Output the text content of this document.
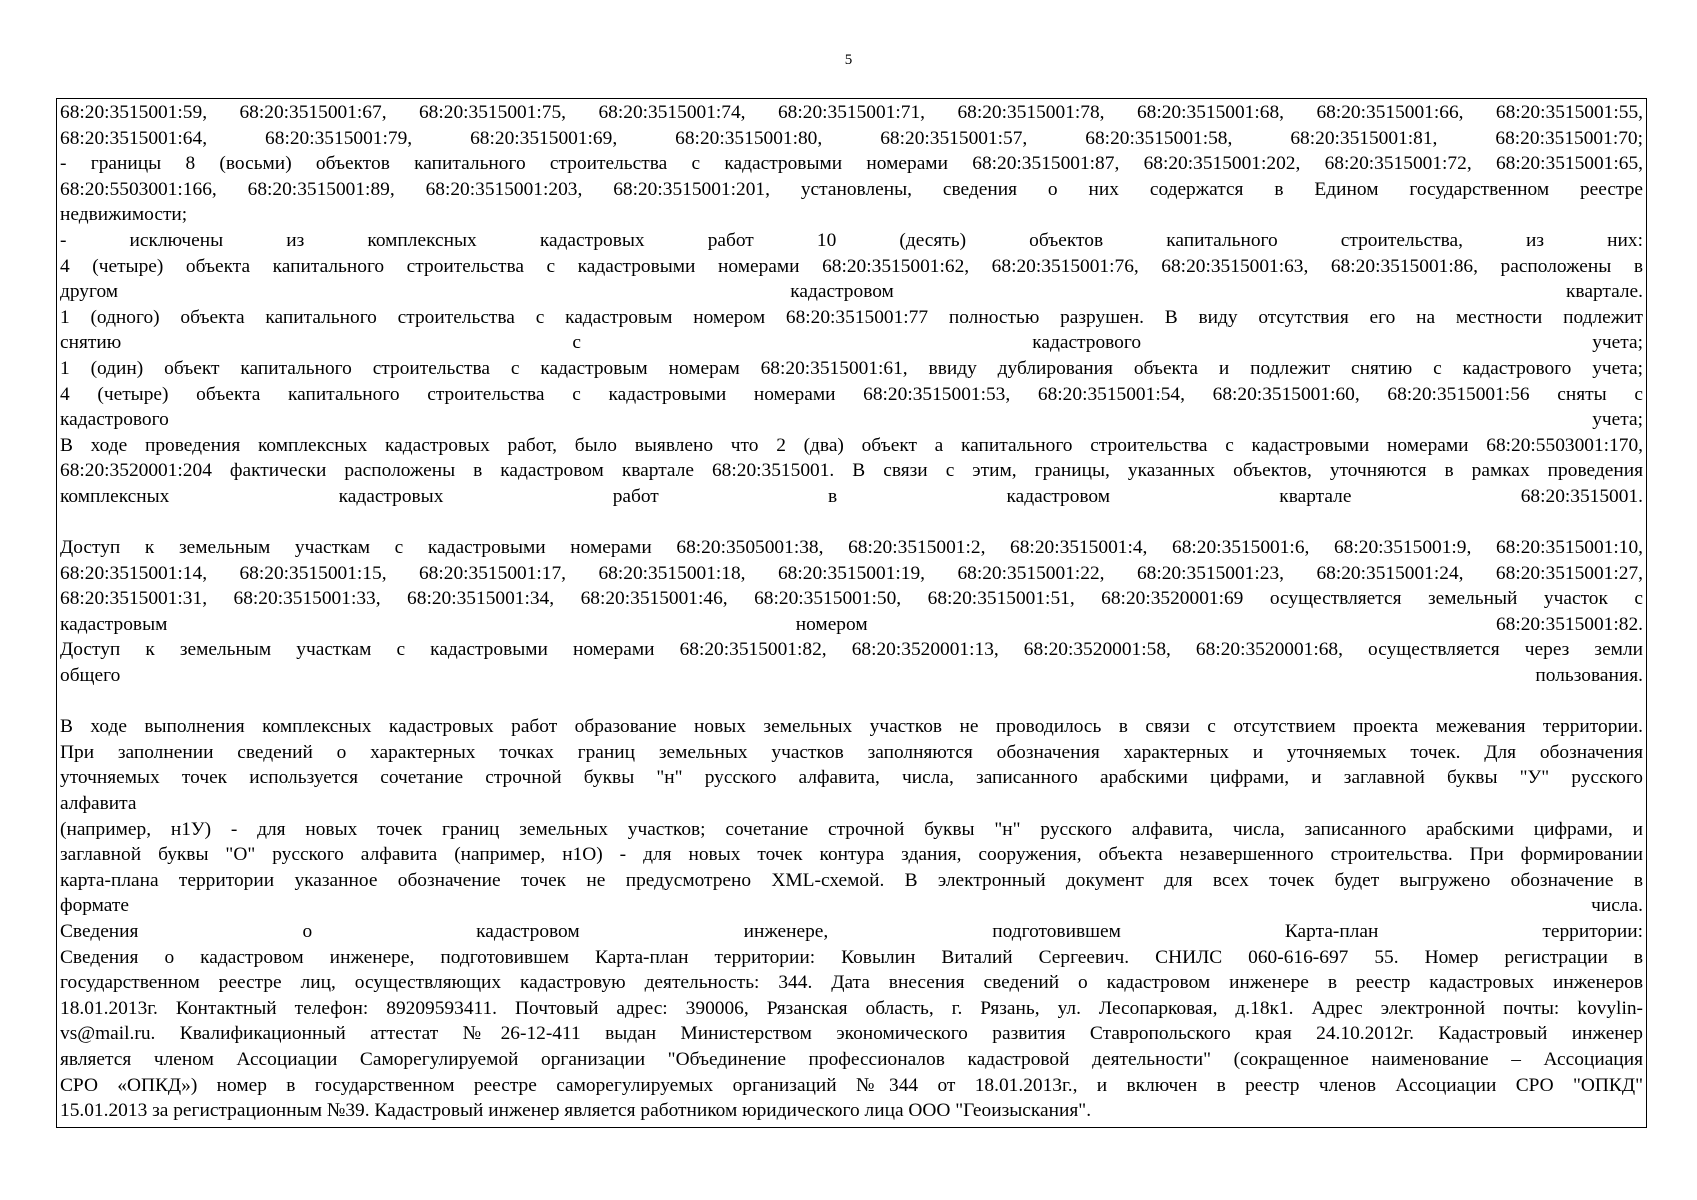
5
68:20:3515001:59, 68:20:3515001:67, 68:20:3515001:75, 68:20:3515001:74, 68:20:3515001:71, 68:20:3515001:78, 68:20:3515001:68, 68:20:3515001:66, 68:20:3515001:55,
68:20:3515001:64, 68:20:3515001:79, 68:20:3515001:69, 68:20:3515001:80, 68:20:3515001:57, 68:20:3515001:58, 68:20:3515001:81, 68:20:3515001:70;
- границы 8 (восьми) объектов капитального строительства с кадастровыми номерами 68:20:3515001:87, 68:20:3515001:202, 68:20:3515001:72, 68:20:3515001:65,
68:20:5503001:166, 68:20:3515001:89, 68:20:3515001:203, 68:20:3515001:201, установлены, сведения о них содержатся в Едином государственном реестре
недвижимости;
- исключены из комплексных кадастровых работ 10 (десять) объектов капитального строительства, из них:
4 (четыре) объекта капитального строительства с кадастровыми номерами 68:20:3515001:62, 68:20:3515001:76, 68:20:3515001:63, 68:20:3515001:86, расположены в
другом кадастровом квартале.
1 (одного) объекта капитального строительства с кадастровым номером 68:20:3515001:77 полностью разрушен. В виду отсутствия его на местности подлежит
снятию с кадастрового учета;
1 (один) объект капитального строительства с кадастровым номерам 68:20:3515001:61, ввиду дублирования объекта и подлежит снятию с кадастрового учета;
4 (четыре) объекта капитального строительства с кадастровыми номерами 68:20:3515001:53, 68:20:3515001:54, 68:20:3515001:60, 68:20:3515001:56 сняты с
кадастрового учета;
В ходе проведения комплексных кадастровых работ, было выявлено что 2 (два) объект а капитального строительства с кадастровыми номерами 68:20:5503001:170,
68:20:3520001:204 фактически расположены в кадастровом квартале 68:20:3515001. В связи с этим, границы, указанных объектов, уточняются в рамках проведения
комплексных кадастровых работ в кадастровом квартале 68:20:3515001.
Доступ к земельным участкам с кадастровыми номерами 68:20:3505001:38, 68:20:3515001:2, 68:20:3515001:4, 68:20:3515001:6, 68:20:3515001:9, 68:20:3515001:10,
68:20:3515001:14, 68:20:3515001:15, 68:20:3515001:17, 68:20:3515001:18, 68:20:3515001:19, 68:20:3515001:22, 68:20:3515001:23, 68:20:3515001:24, 68:20:3515001:27,
68:20:3515001:31, 68:20:3515001:33, 68:20:3515001:34, 68:20:3515001:46, 68:20:3515001:50, 68:20:3515001:51, 68:20:3520001:69 осуществляется земельный участок с
кадастровым номером 68:20:3515001:82.
Доступ к земельным участкам с кадастровыми номерами 68:20:3515001:82, 68:20:3520001:13, 68:20:3520001:58, 68:20:3520001:68, осуществляется через земли
общего пользования.
В ходе выполнения комплексных кадастровых работ образование новых земельных участков не проводилось в связи с отсутствием проекта межевания территории.
При заполнении сведений о характерных точках границ земельных участков заполняются обозначения характерных и уточняемых точек. Для обозначения
уточняемых точек используется сочетание строчной буквы "н" русского алфавита, числа, записанного арабскими цифрами, и заглавной буквы "У" русского
алфавита
(например, н1У) - для новых точек границ земельных участков; сочетание строчной буквы "н" русского алфавита, числа, записанного арабскими цифрами, и
заглавной буквы "О" русского алфавита (например, н1О) - для новых точек контура здания, сооружения, объекта незавершенного строительства. При формировании
карта-плана территории указанное обозначение точек не предусмотрено XML-схемой. В электронный документ для всех точек будет выгружено обозначение в
формате числа.
Сведения о кадастровом инженере, подготовившем Карта-план территории:
Сведения о кадастровом инженере, подготовившем Карта-план территории: Ковылин Виталий Сергеевич. СНИЛС 060-616-697 55. Номер регистрации в
государственном реестре лиц, осуществляющих кадастровую деятельность: 344. Дата внесения сведений о кадастровом инженере в реестр кадастровых инженеров
18.01.2013г. Контактный телефон: 89209593411. Почтовый адрес: 390006, Рязанская область, г. Рязань, ул. Лесопарковая, д.18к1. Адрес электронной почты: kovylin-
vs@mail.ru. Квалификационный аттестат №26-12-411 выдан Министерством экономического развития Ставропольского края 24.10.2012г. Кадастровый инженер
является членом Ассоциации Саморегулируемой организации "Объединение профессионалов кадастровой деятельности" (сокращенное наименование – Ассоциация
СРО «ОПКД») номер в государственном реестре саморегулируемых организаций №344 от 18.01.2013г., и включен в реестр членов Ассоциации СРО "ОПКД"
15.01.2013 за регистрационным №39. Кадастровый инженер является работником юридического лица ООО "Геоизыскания".
